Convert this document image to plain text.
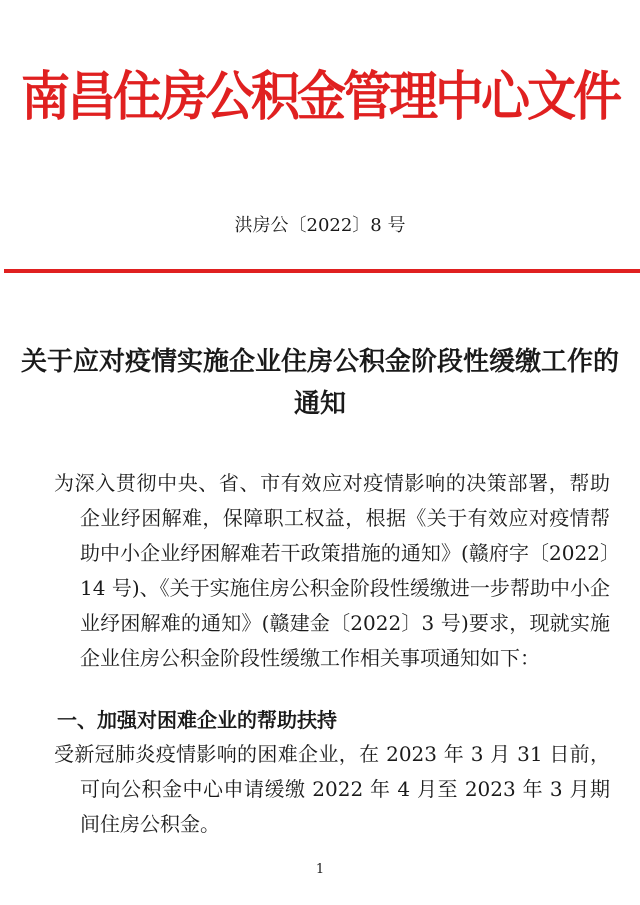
南昌住房公积金管理中心文件
洪房公〔2022〕8 号
关于应对疫情实施企业住房公积金阶段性缓缴工作的通知
为深入贯彻中央、省、市有效应对疫情影响的决策部署，帮助企业纾困解难，保障职工权益，根据《关于有效应对疫情帮助中小企业纾困解难若干政策措施的通知》(赣府字〔2022〕14 号)、《关于实施住房公积金阶段性缓缴进一步帮助中小企业纾困解难的通知》(赣建金〔2022〕3 号)要求，现就实施企业住房公积金阶段性缓缴工作相关事项通知如下：
一、加强对困难企业的帮助扶持
受新冠肺炎疫情影响的困难企业，在 2023 年 3 月 31 日前，可向公积金中心申请缓缴 2022 年 4 月至 2023 年 3 月期间住房公积金。
1
